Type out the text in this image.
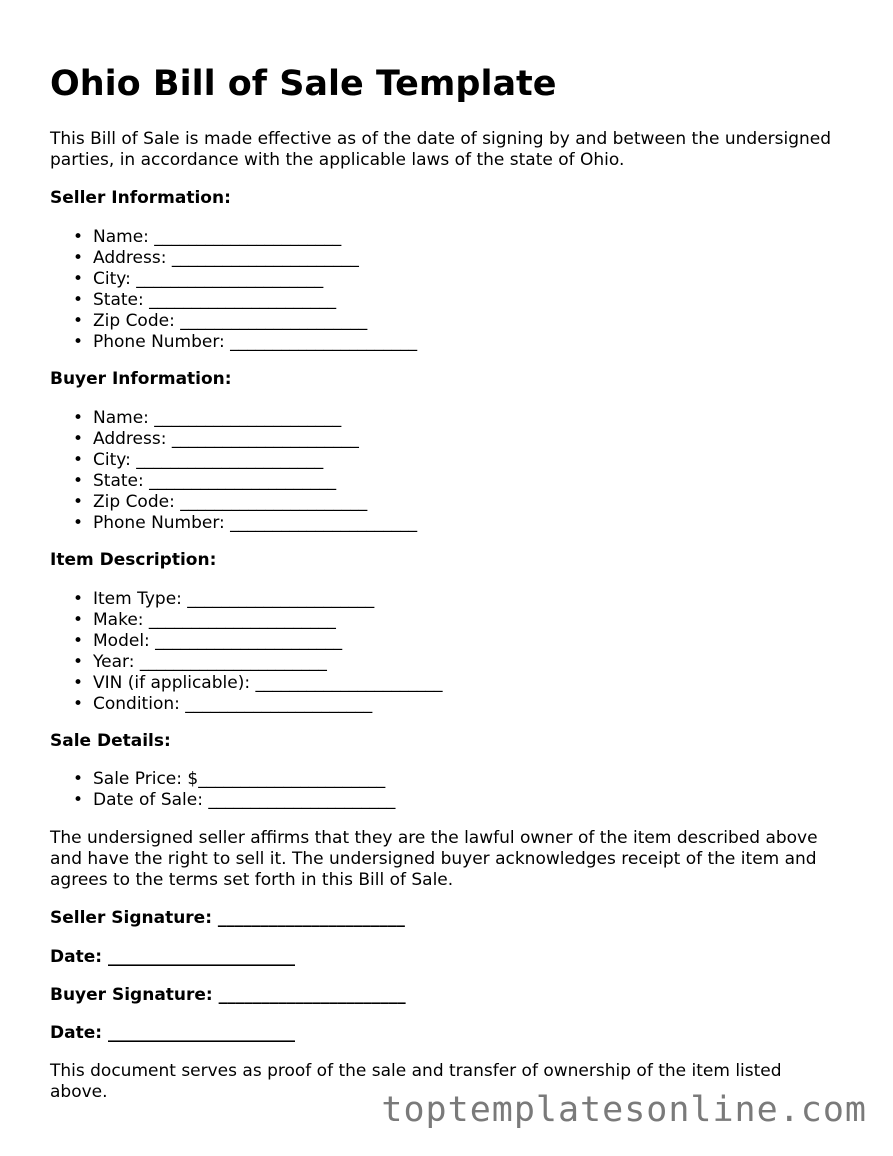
Ohio Bill of Sale Template

This Bill of Sale is made effective as of the date of signing by and between the undersigned parties, in accordance with the applicable laws of the state of Ohio.

Seller Information:

• Name: ______________________
• Address: ______________________
• City: ______________________
• State: ______________________
• Zip Code: ______________________
• Phone Number: ______________________

Buyer Information:

• Name: ______________________
• Address: ______________________
• City: ______________________
• State: ______________________
• Zip Code: ______________________
• Phone Number: ______________________

Item Description:

• Item Type: ______________________
• Make: ______________________
• Model: ______________________
• Year: ______________________
• VIN (if applicable): ______________________
• Condition: ______________________

Sale Details:

• Sale Price: $______________________
• Date of Sale: ______________________

The undersigned seller affirms that they are the lawful owner of the item described above and have the right to sell it. The undersigned buyer acknowledges receipt of the item and agrees to the terms set forth in this Bill of Sale.

Seller Signature: ______________________
Date: ______________________
Buyer Signature: ______________________
Date: ______________________

This document serves as proof of the sale and transfer of ownership of the item listed above.	toptemplatesonline.com
